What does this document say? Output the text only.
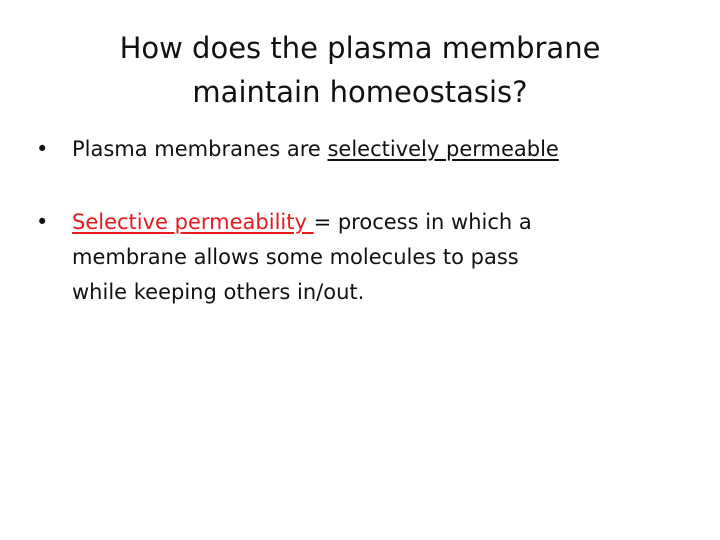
How does the plasma membrane
maintain homeostasis?
•	Plasma membranes are selectively permeable
•	Selective permeability = process in which a
membrane allows some molecules to pass
while keeping others in/out.
